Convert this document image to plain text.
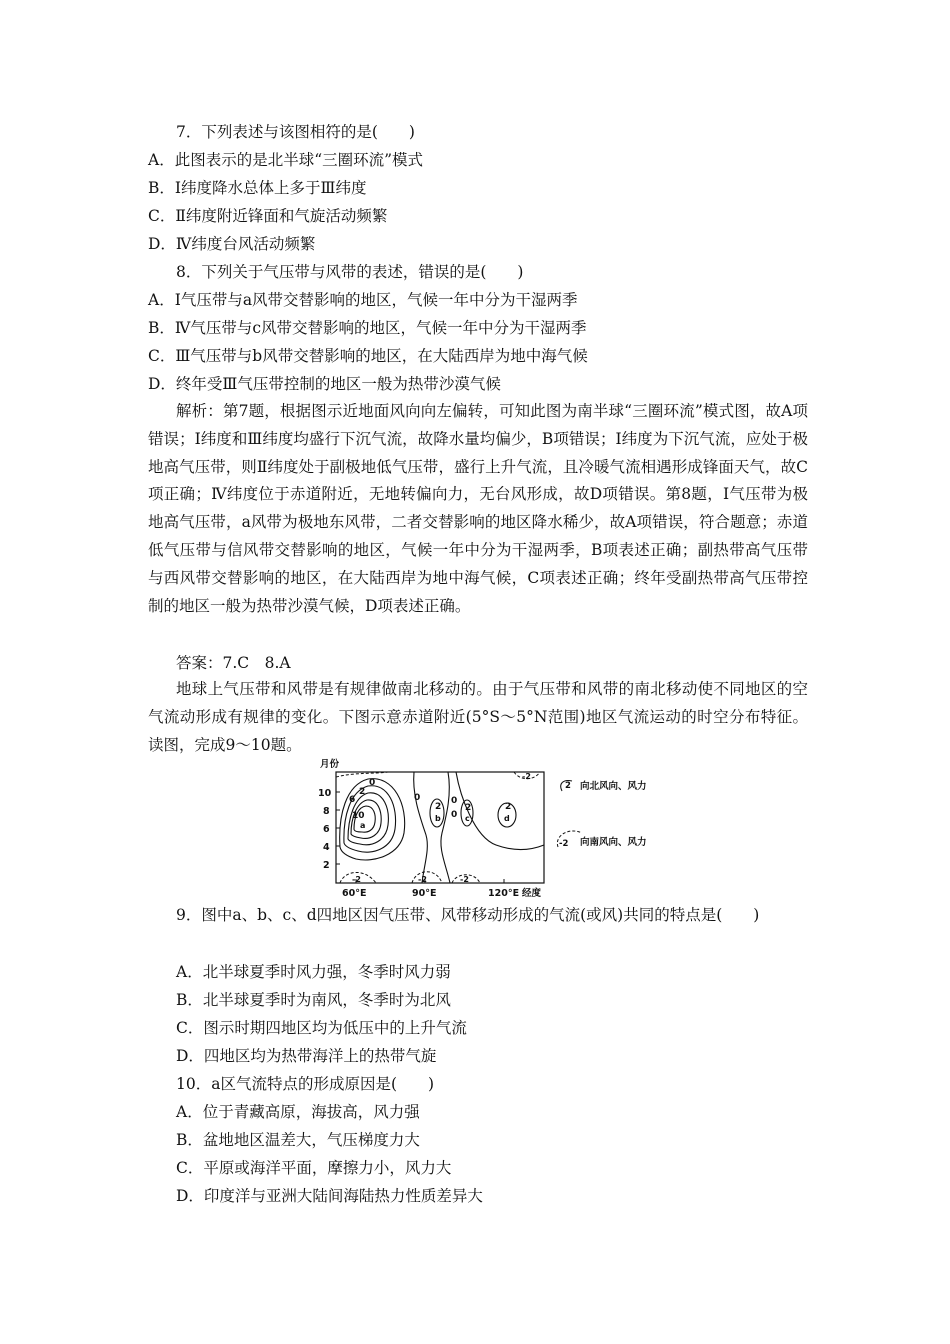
7．下列表述与该图相符的是(　　)
A．此图表示的是北半球“三圈环流”模式
B．Ⅰ纬度降水总体上多于Ⅲ纬度
C．Ⅱ纬度附近锋面和气旋活动频繁
D．Ⅳ纬度台风活动频繁
8．下列关于气压带与风带的表述，错误的是(　　)
A．Ⅰ气压带与a风带交替影响的地区，气候一年中分为干湿两季
B．Ⅳ气压带与c风带交替影响的地区，气候一年中分为干湿两季
C．Ⅲ气压带与b风带交替影响的地区，在大陆西岸为地中海气候
D．终年受Ⅲ气压带控制的地区一般为热带沙漠气候
解析：第7题，根据图示近地面风向向左偏转，可知此图为南半球“三圈环流”模式图，故A项错误；Ⅰ纬度和Ⅲ纬度均盛行下沉气流，故降水量均偏少，B项错误；Ⅰ纬度为下沉气流，应处于极地高气压带，则Ⅱ纬度处于副极地低气压带，盛行上升气流，且冷暖气流相遇形成锋面天气，故C项正确；Ⅳ纬度位于赤道附近，无地转偏向力，无台风形成，故D项错误。第8题，Ⅰ气压带为极地高气压带，a风带为极地东风带，二者交替影响的地区降水稀少，故A项错误，符合题意；赤道低气压带与信风带交替影响的地区，气候一年中分为干湿两季，B项表述正确；副热带高气压带与西风带交替影响的地区，在大陆西岸为地中海气候，C项表述正确；终年受副热带高气压带控制的地区一般为热带沙漠气候，D项表述正确。
答案：7.C　8.A
地球上气压带和风带是有规律做南北移动的。由于气压带和风带的南北移动使不同地区的空气流动形成有规律的变化。下图示意赤道附近(5°S～5°N范围)地区气流运动的时空分布特征。读图，完成9～10题。
月份
10
8
6
4
2
60°E	90°E	120°E 经度
0
2
6
10
a
0	0
2
b 0
2
c
2
d
-2	-2	-2
-2
2 向北风向、风力
-2 向南风向、风力
9．图中a、b、c、d四地区因气压带、风带移动形成的气流(或风)共同的特点是(　　)
A．北半球夏季时风力强，冬季时风力弱
B．北半球夏季时为南风，冬季时为北风
C．图示时期四地区均为低压中的上升气流
D．四地区均为热带海洋上的热带气旋
10．a区气流特点的形成原因是(　　)
A．位于青藏高原，海拔高，风力强
B．盆地地区温差大，气压梯度力大
C．平原或海洋平面，摩擦力小，风力大
D．印度洋与亚洲大陆间海陆热力性质差异大
